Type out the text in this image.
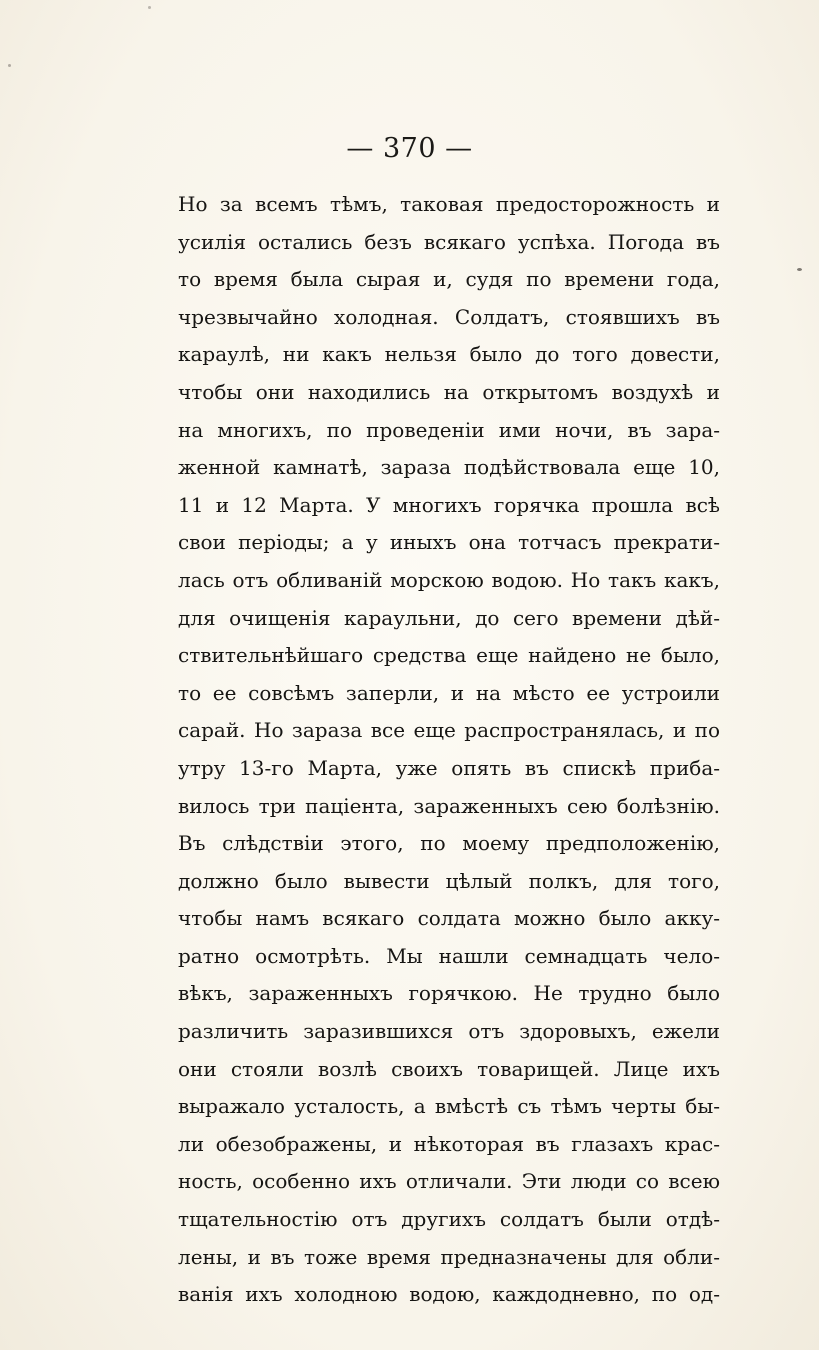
— 370 —
Но за всемъ тѣмъ, таковая предосторожность и
усилія остались безъ всякаго успѣха. Погода въ
то время была сырая и, судя по времени года,
чрезвычайно холодная. Солдатъ, стоявшихъ въ
караулѣ, ни какъ нельзя было до того довести,
чтобы они находились на открытомъ воздухѣ и
на многихъ, по проведеніи ими ночи, въ зара-
женной камнатѣ, зараза подѣйствовала еще 10,
11 и 12 Марта. У многихъ горячка прошла всѣ
свои періоды; а у иныхъ она тотчасъ прекрати-
лась отъ обливаній морскою водою. Но такъ какъ,
для очищенія караульни, до сего времени дѣй-
ствительнѣйшаго средства еще найдено не было,
то ее совсѣмъ заперли, и на мѣсто ее устроили
сарай. Но зараза все еще распространялась, и по
утру 13-го Марта, уже опять въ спискѣ приба-
вилось три паціента, зараженныхъ сею болѣзнію.
Въ слѣдствіи этого, по моему предположенію,
должно было вывести цѣлый полкъ, для того,
чтобы намъ всякаго солдата можно было акку-
ратно осмотрѣть. Мы нашли семнадцать чело-
вѣкъ, зараженныхъ горячкою. Не трудно было
различить заразившихся отъ здоровыхъ, ежели
они стояли возлѣ своихъ товарищей. Лице ихъ
выражало усталость, а вмѣстѣ съ тѣмъ черты бы-
ли обезображены, и нѣкоторая въ глазахъ крас-
ность, особенно ихъ отличали. Эти люди со всею
тщательностію отъ другихъ солдатъ были отдѣ-
лены, и въ тоже время предназначены для обли-
ванія ихъ холодною водою, каждодневно, по од-
